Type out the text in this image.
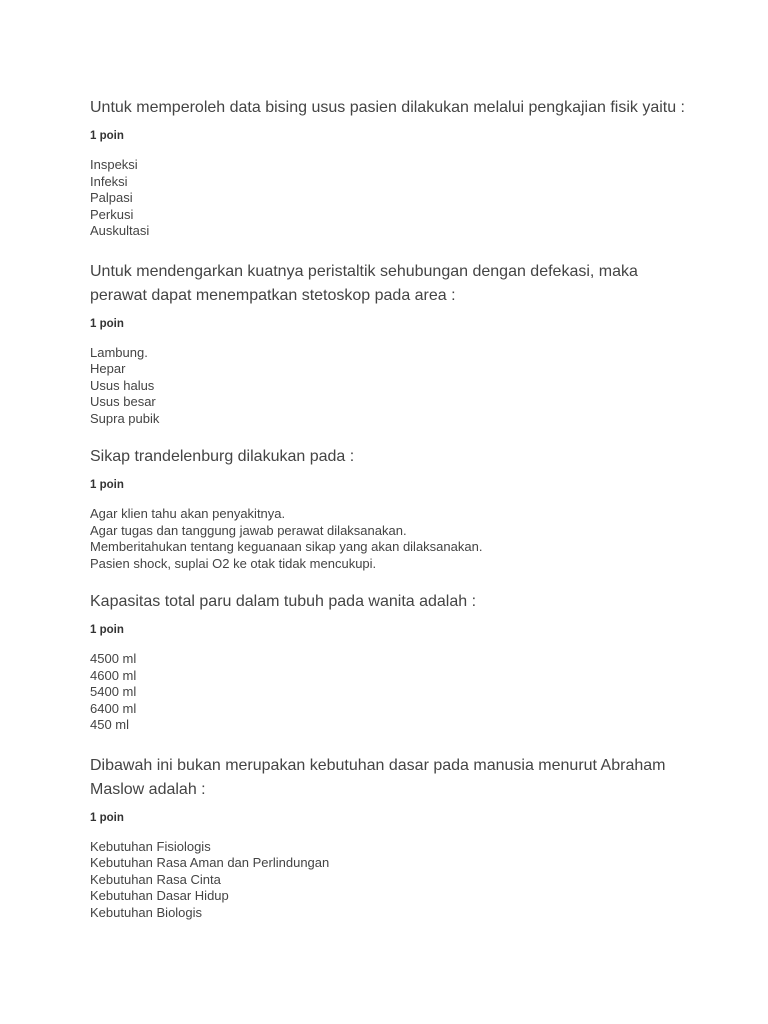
Untuk memperoleh data bising usus pasien dilakukan melalui pengkajian fisik yaitu :

1 poin
Inspeksi
Infeksi
Palpasi
Perkusi
Auskultasi

Untuk mendengarkan kuatnya peristaltik sehubungan dengan defekasi, maka perawat dapat menempatkan stetoskop pada area :

1 poin
Lambung.
Hepar
Usus halus
Usus besar
Supra pubik

Sikap trandelenburg dilakukan pada :

1 poin
Agar klien tahu akan penyakitnya.
Agar tugas dan tanggung jawab perawat dilaksanakan.
Memberitahukan tentang keguanaan sikap yang akan dilaksanakan.
Pasien shock, suplai O2 ke otak tidak mencukupi.

Kapasitas total paru dalam tubuh pada wanita adalah :

1 poin
4500 ml
4600 ml
5400 ml
6400 ml
450 ml

Dibawah ini bukan merupakan kebutuhan dasar pada manusia menurut Abraham Maslow adalah :

1 poin
Kebutuhan Fisiologis
Kebutuhan Rasa Aman dan Perlindungan
Kebutuhan Rasa Cinta
Kebutuhan Dasar Hidup
Kebutuhan Biologis
